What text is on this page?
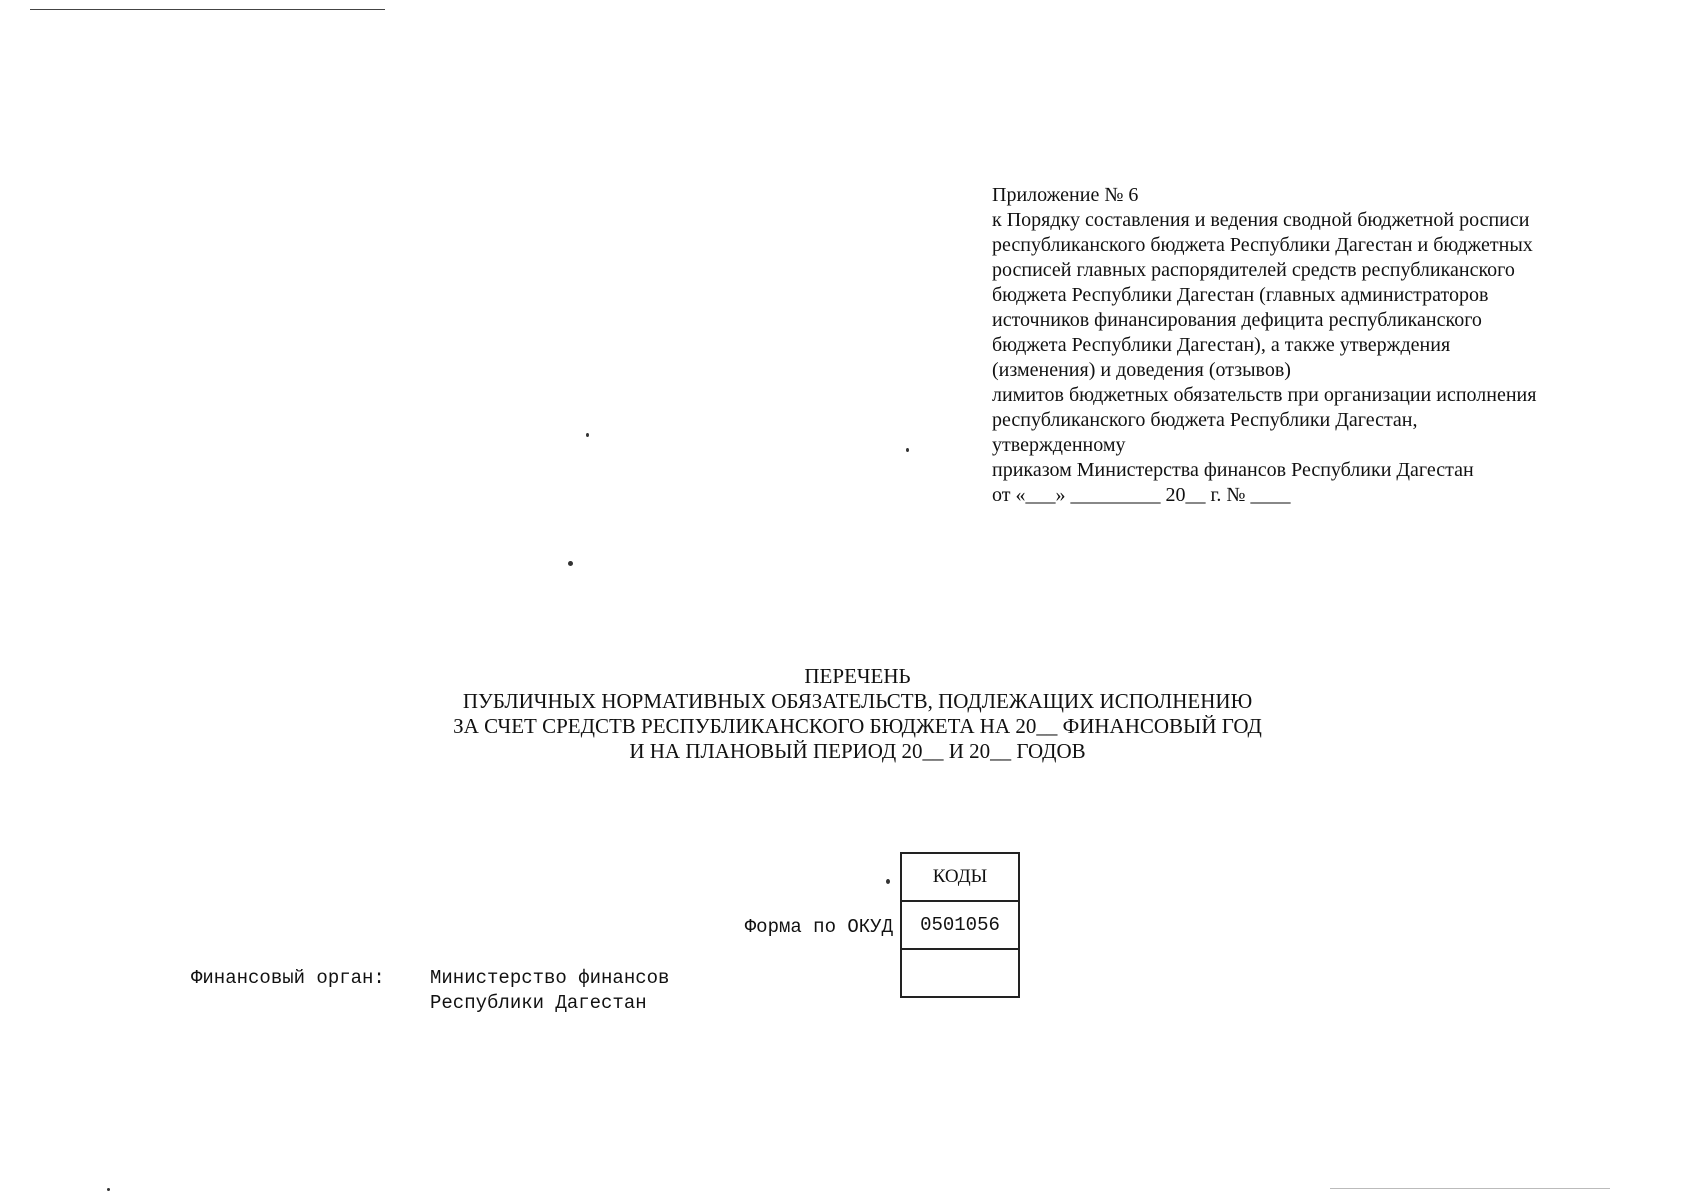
Приложение № 6
к Порядку составления и ведения сводной бюджетной росписи
республиканского бюджета Республики Дагестан и бюджетных
росписей главных распорядителей средств республиканского
бюджета Республики Дагестан (главных администраторов
источников финансирования дефицита республиканского
бюджета Республики Дагестан), а также утверждения
(изменения) и доведения (отзывов)
лимитов бюджетных обязательств при организации исполнения
республиканского бюджета Республики Дагестан,
утвержденному
приказом Министерства финансов Республики Дагестан
от «___» _________ 20__ г. № ____
ПЕРЕЧЕНЬ
ПУБЛИЧНЫХ НОРМАТИВНЫХ ОБЯЗАТЕЛЬСТВ, ПОДЛЕЖАЩИХ ИСПОЛНЕНИЮ
ЗА СЧЕТ СРЕДСТВ РЕСПУБЛИКАНСКОГО БЮДЖЕТА НА 20__ ФИНАНСОВЫЙ ГОД
И НА ПЛАНОВЫЙ ПЕРИОД 20__ И 20__ ГОДОВ
КОДЫ
0501056

Форма по ОКУД
Финансовый орган: Министерство финансов
Республики Дагестан
